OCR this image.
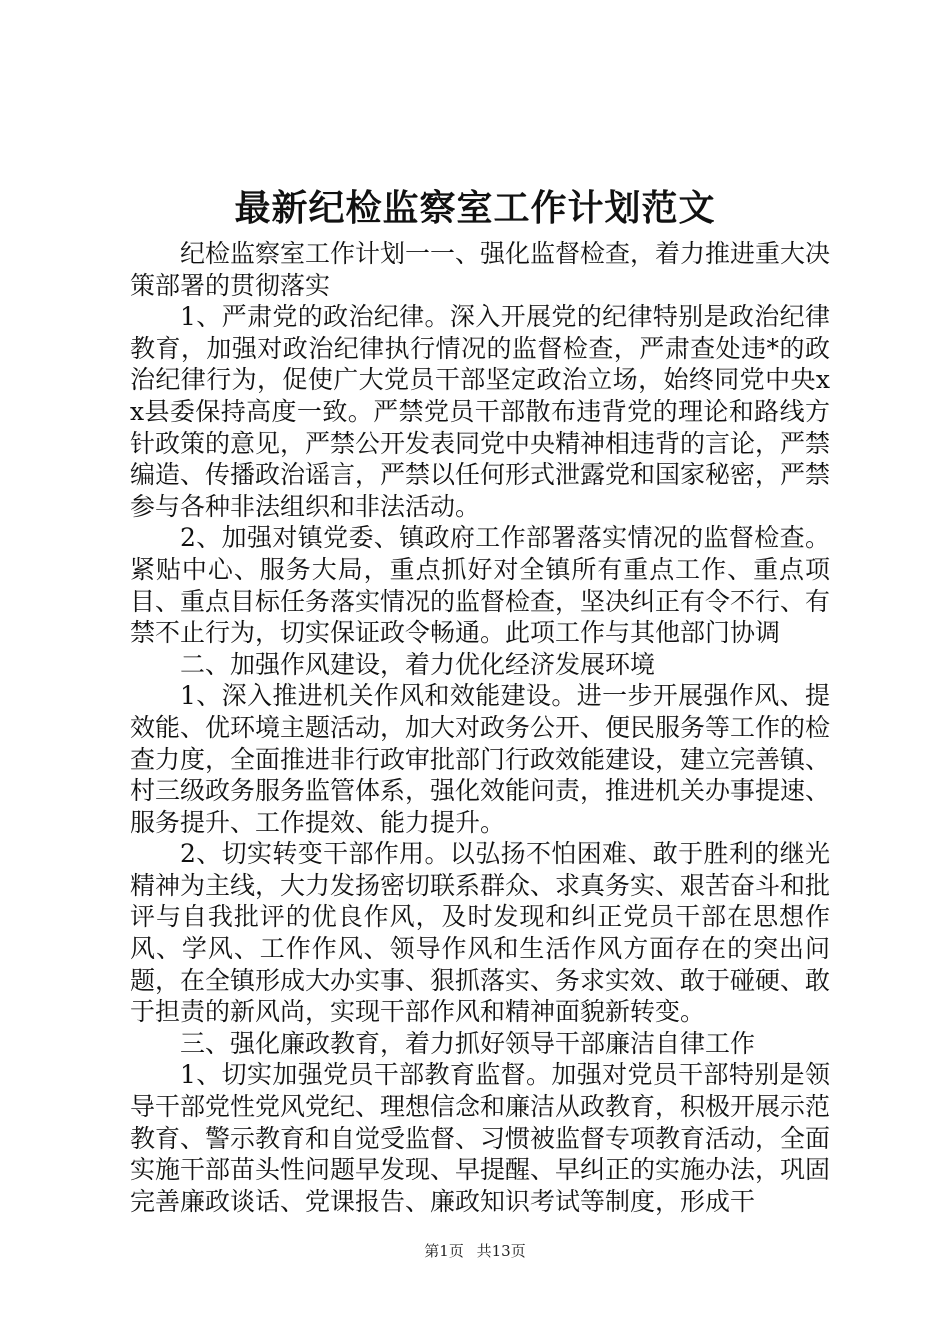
最新纪检监察室工作计划范文

纪检监察室工作计划一一、强化监督检查，着力推进重大决策部署的贯彻落实

1、严肃党的政治纪律。深入开展党的纪律特别是政治纪律教育，加强对政治纪律执行情况的监督检查，严肃查处违*的政治纪律行为，促使广大党员干部坚定政治立场，始终同党中央xx县委保持高度一致。严禁党员干部散布违背党的理论和路线方针政策的意见，严禁公开发表同党中央精神相违背的言论，严禁编造、传播政治谣言，严禁以任何形式泄露党和国家秘密，严禁参与各种非法组织和非法活动。

2、加强对镇党委、镇政府工作部署落实情况的监督检查。紧贴中心、服务大局，重点抓好对全镇所有重点工作、重点项目、重点目标任务落实情况的监督检查，坚决纠正有令不行、有禁不止行为，切实保证政令畅通。此项工作与其他部门协调

二、加强作风建设，着力优化经济发展环境

1、深入推进机关作风和效能建设。进一步开展强作风、提效能、优环境主题活动，加大对政务公开、便民服务等工作的检查力度，全面推进非行政审批部门行政效能建设，建立完善镇、村三级政务服务监管体系，强化效能问责，推进机关办事提速、服务提升、工作提效、能力提升。

2、切实转变干部作用。以弘扬不怕困难、敢于胜利的继光精神为主线，大力发扬密切联系群众、求真务实、艰苦奋斗和批评与自我批评的优良作风，及时发现和纠正党员干部在思想作风、学风、工作作风、领导作风和生活作风方面存在的突出问题，在全镇形成大办实事、狠抓落实、务求实效、敢于碰硬、敢于担责的新风尚，实现干部作风和精神面貌新转变。

三、强化廉政教育，着力抓好领导干部廉洁自律工作

1、切实加强党员干部教育监督。加强对党员干部特别是领导干部党性党风党纪、理想信念和廉洁从政教育，积极开展示范教育、警示教育和自觉受监督、习惯被监督专项教育活动，全面实施干部苗头性问题早发现、早提醒、早纠正的实施办法，巩固完善廉政谈话、党课报告、廉政知识考试等制度，形成干

第1页 共13页
